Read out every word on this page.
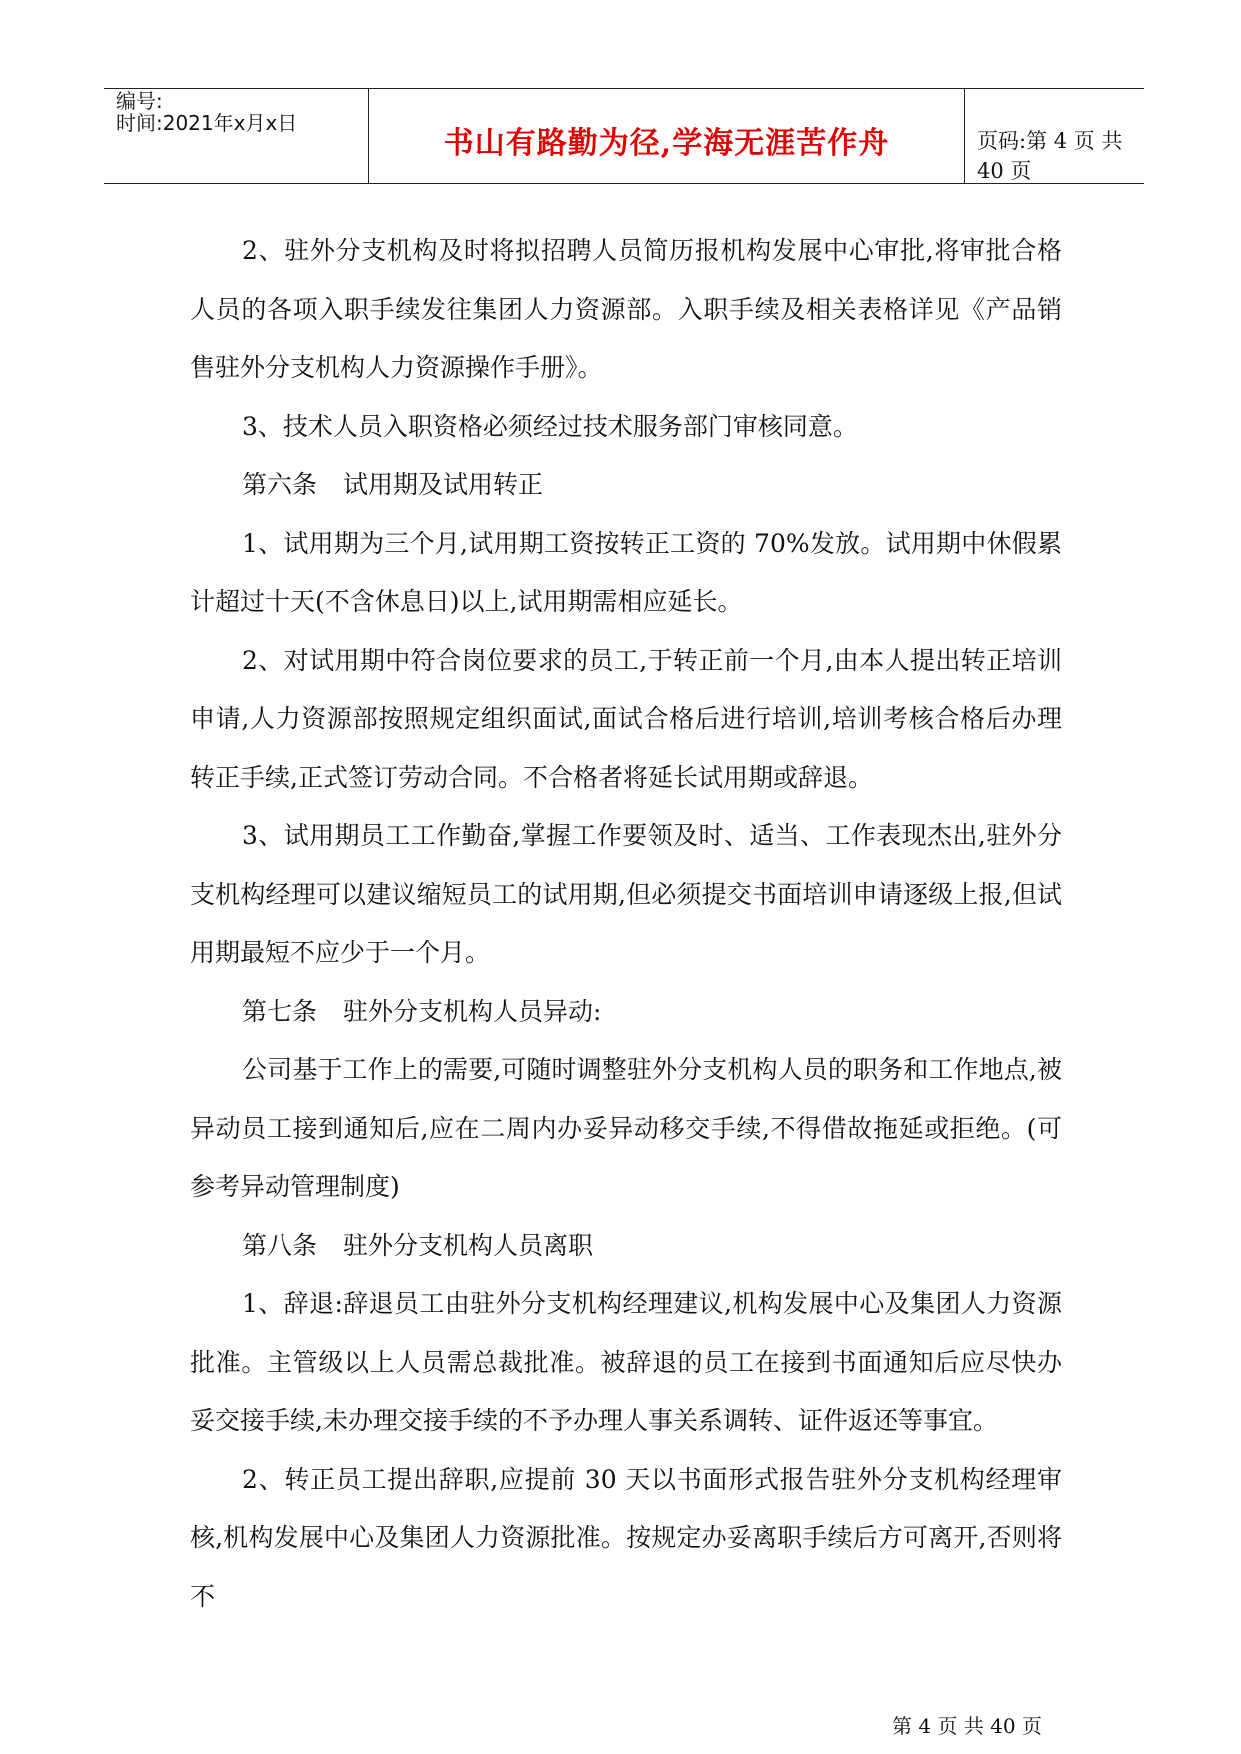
编号:
时间:2021年x月x日
书山有路勤为径,学海无涯苦作舟	页码:第 4 页 共 40 页

2、驻外分支机构及时将拟招聘人员简历报机构发展中心审批,将审批合格人员的各项入职手续发往集团人力资源部。入职手续及相关表格详见《产品销售驻外分支机构人力资源操作手册》。

3、技术人员入职资格必须经过技术服务部门审核同意。

第六条 试用期及试用转正

1、试用期为三个月,试用期工资按转正工资的 70%发放。试用期中休假累计超过十天(不含休息日)以上,试用期需相应延长。

2、对试用期中符合岗位要求的员工,于转正前一个月,由本人提出转正培训申请,人力资源部按照规定组织面试,面试合格后进行培训,培训考核合格后办理转正手续,正式签订劳动合同。不合格者将延长试用期或辞退。

3、试用期员工工作勤奋,掌握工作要领及时、适当、工作表现杰出,驻外分支机构经理可以建议缩短员工的试用期,但必须提交书面培训申请逐级上报,但试用期最短不应少于一个月。

第七条 驻外分支机构人员异动:

公司基于工作上的需要,可随时调整驻外分支机构人员的职务和工作地点,被异动员工接到通知后,应在二周内办妥异动移交手续,不得借故拖延或拒绝。(可参考异动管理制度)

第八条 驻外分支机构人员离职

1、辞退:辞退员工由驻外分支机构经理建议,机构发展中心及集团人力资源批准。主管级以上人员需总裁批准。被辞退的员工在接到书面通知后应尽快办妥交接手续,未办理交接手续的不予办理人事关系调转、证件返还等事宜。

2、转正员工提出辞职,应提前 30 天以书面形式报告驻外分支机构经理审核,机构发展中心及集团人力资源批准。按规定办妥离职手续后方可离开,否则将不

第 4 页 共 40 页
